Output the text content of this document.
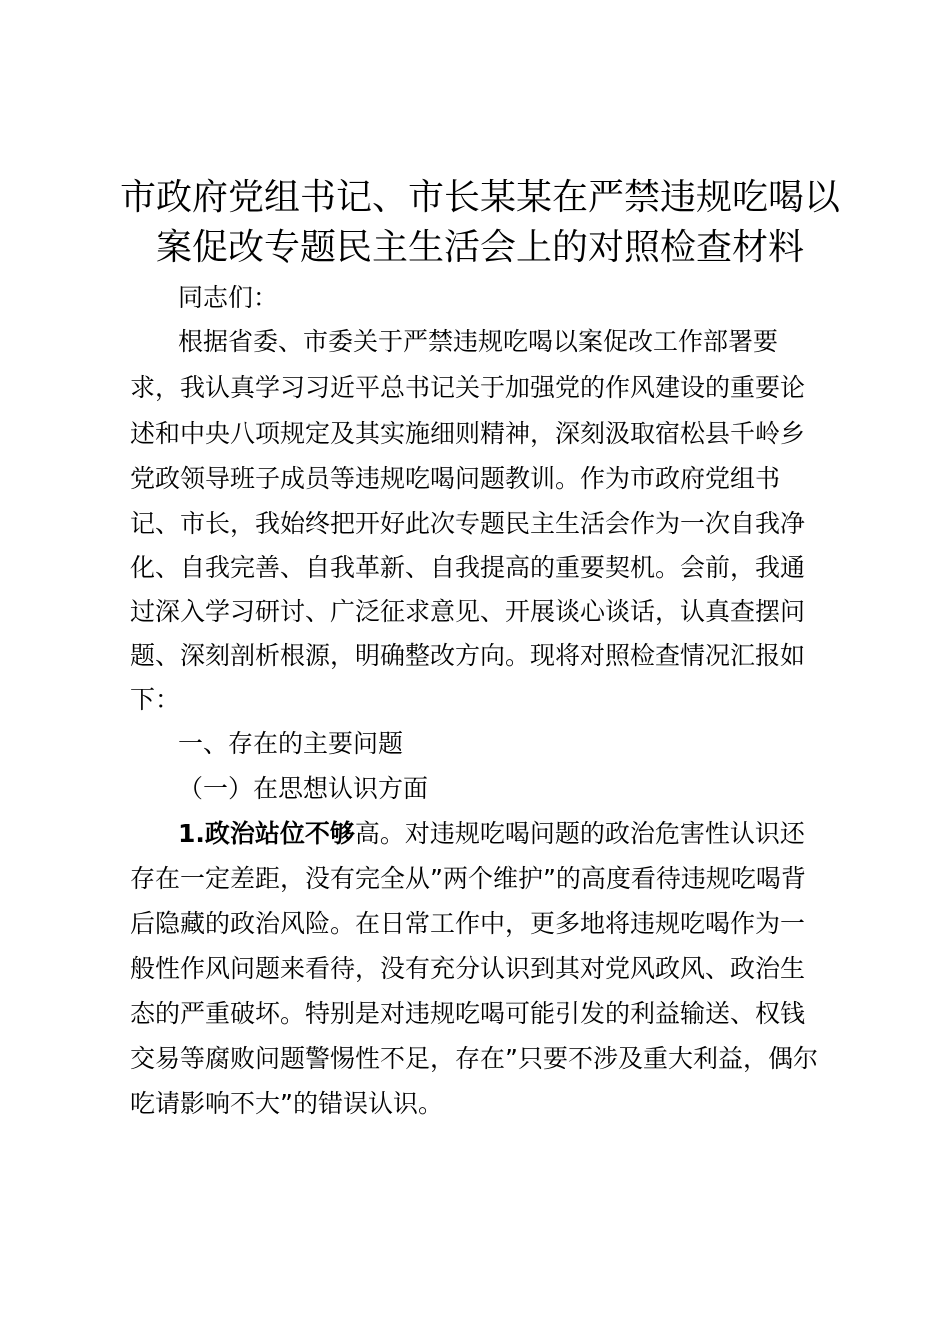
市政府党组书记、市长某某在严禁违规吃喝以
案促改专题民主生活会上的对照检查材料
同志们：
根据省委、市委关于严禁违规吃喝以案促改工作部署要
求，我认真学习习近平总书记关于加强党的作风建设的重要论
述和中央八项规定及其实施细则精神，深刻汲取宿松县千岭乡
党政领导班子成员等违规吃喝问题教训。作为市政府党组书
记、市长，我始终把开好此次专题民主生活会作为一次自我净
化、自我完善、自我革新、自我提高的重要契机。会前，我通
过深入学习研讨、广泛征求意见、开展谈心谈话，认真查摆问
题、深刻剖析根源，明确整改方向。现将对照检查情况汇报如
下：
一、存在的主要问题
（一）在思想认识方面
1.政治站位不够高。对违规吃喝问题的政治危害性认识还
存在一定差距，没有完全从”两个维护”的高度看待违规吃喝背
后隐藏的政治风险。在日常工作中，更多地将违规吃喝作为一
般性作风问题来看待，没有充分认识到其对党风政风、政治生
态的严重破坏。特别是对违规吃喝可能引发的利益输送、权钱
交易等腐败问题警惕性不足，存在”只要不涉及重大利益，偶尔
吃请影响不大”的错误认识。
